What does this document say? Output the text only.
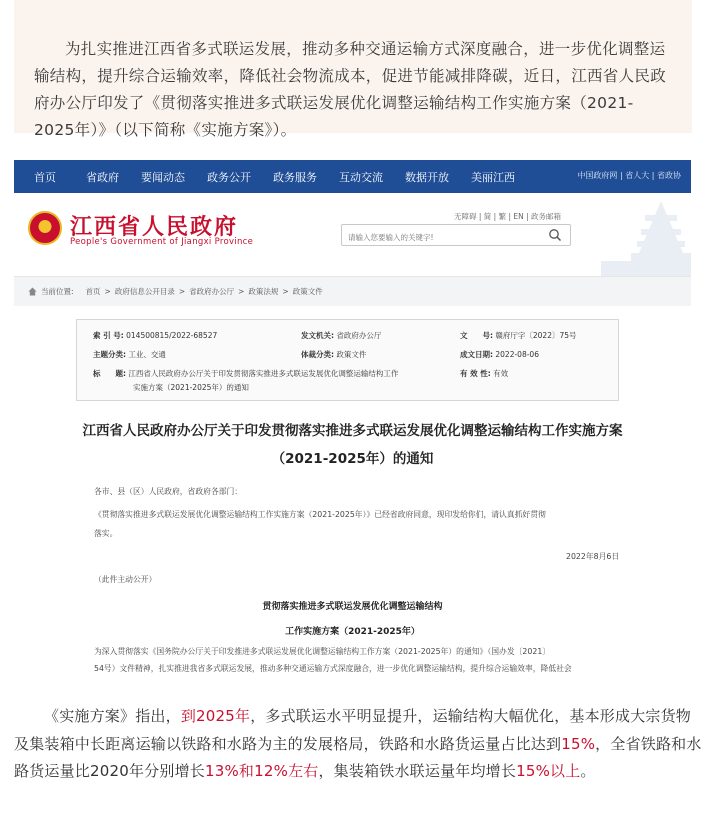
为扎实推进江西省多式联运发展，推动多种交通运输方式深度融合，进一步优化调整运输结构，提升综合运输效率，降低社会物流成本，促进节能减排降碳，近日，江西省人民政府办公厅印发了《贯彻落实推进多式联运发展优化调整运输结构工作实施方案（2021-2025年）》（以下简称《实施方案》）。

首页	省政府 要闻动态 政务公开 政务服务 互动交流 数据开放 美丽江西	中国政府网 | 省人大 | 省政协
江西省人民政府
People's Government of Jiangxi Province
无障碍 | 简 | 繁 | EN | 政务邮箱
请输入您要输入的关键字!
当前位置: 首页 > 政府信息公开目录 > 省政府办公厅 > 政策法规 > 政策文件
索 引 号: 014500815/2022-68527	发文机关: 省政府办公厅	文　　号: 赣府厅字〔2022〕75号
主题分类: 工业、交通	体裁分类: 政策文件	成文日期: 2022-08-06
标　　题: 江西省人民政府办公厅关于印发贯彻落实推进多式联运发展优化调整运输结构工作
实施方案（2021-2025年）的通知
有 效 性: 有效
江西省人民政府办公厅关于印发贯彻落实推进多式联运发展优化调整运输结构工作实施方案
（2021-2025年）的通知
各市、县（区）人民政府，省政府各部门：
《贯彻落实推进多式联运发展优化调整运输结构工作实施方案（2021-2025年）》已经省政府同意，现印发给你们，请认真抓好贯彻
落实。
2022年8月6日
（此件主动公开）
贯彻落实推进多式联运发展优化调整运输结构
工作实施方案（2021-2025年）
为深入贯彻落实《国务院办公厅关于印发推进多式联运发展优化调整运输结构工作方案（2021-2025年）的通知》（国办发〔2021〕
54号）文件精神，扎实推进我省多式联运发展，推动多种交通运输方式深度融合，进一步优化调整运输结构，提升综合运输效率，降低社会

《实施方案》指出，到2025年，多式联运水平明显提升，运输结构大幅优化，基本形成大宗货物及集装箱中长距离运输以铁路和水路为主的发展格局，铁路和水路货运量占比达到15%，全省铁路和水路货运量比2020年分别增长13%和12%左右，集装箱铁水联运量年均增长15%以上。
